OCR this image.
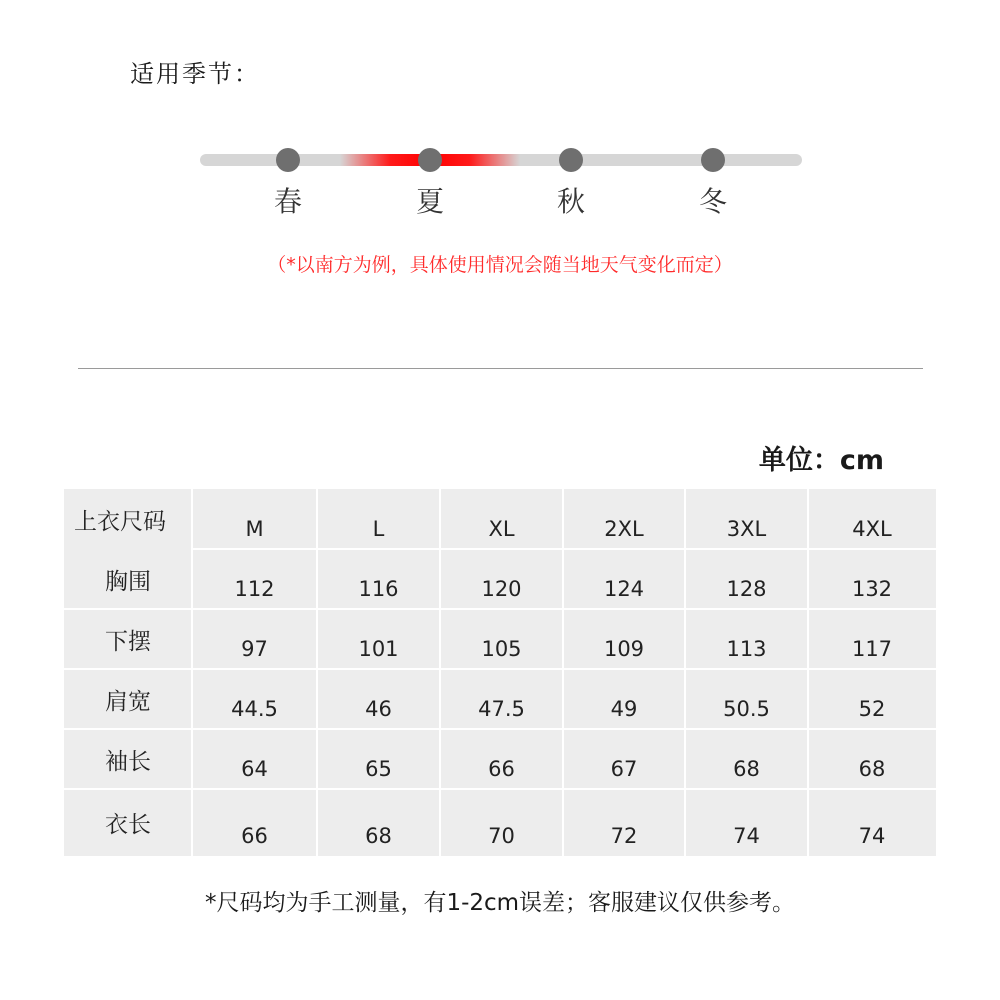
适用季节：
春	夏	秋	冬
（*以南方为例，具体使用情况会随当地天气变化而定）
单位：cm
上衣尺码	M	L	XL	2XL	3XL	4XL
胸围	112	116	120	124	128	132
下摆	97	101	105	109	113	117
肩宽	44.5	46	47.5	49	50.5	52
袖长	64	65	66	67	68	68
衣长	66	68	70	72	74	74
*尺码均为手工测量，有1-2cm误差；客服建议仅供参考。
